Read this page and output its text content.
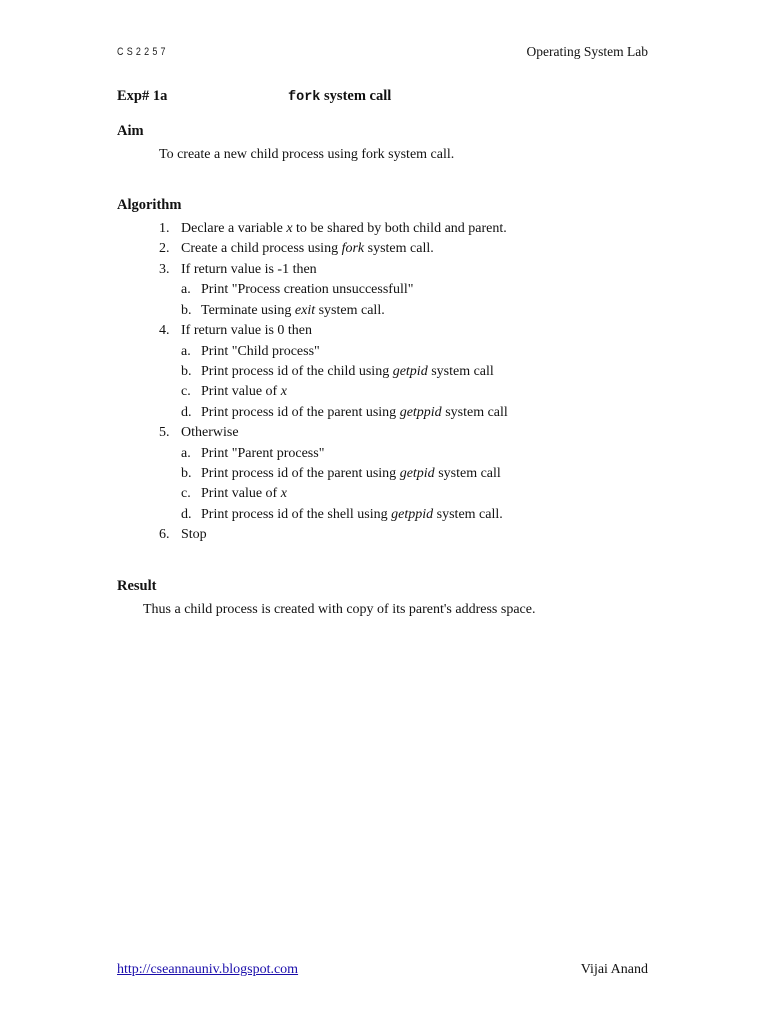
CS2257	Operating System Lab
Exp# 1a	fork system call
Aim
To create a new child process using fork system call.
Algorithm
1. Declare a variable x to be shared by both child and parent.
2. Create a child process using fork system call.
3. If return value is -1 then
a. Print "Process creation unsuccessfull"
b. Terminate using exit system call.
4. If return value is 0 then
a. Print "Child process"
b. Print process id of the child using getpid system call
c. Print value of x
d. Print process id of the parent using getppid system call
5. Otherwise
a. Print "Parent process"
b. Print process id of the parent using getpid system call
c. Print value of x
d. Print process id of the shell using getppid system call.
6. Stop
Result
Thus a child process is created with copy of its parent's address space.
http://cseannauniv.blogspot.com	Vijai Anand
